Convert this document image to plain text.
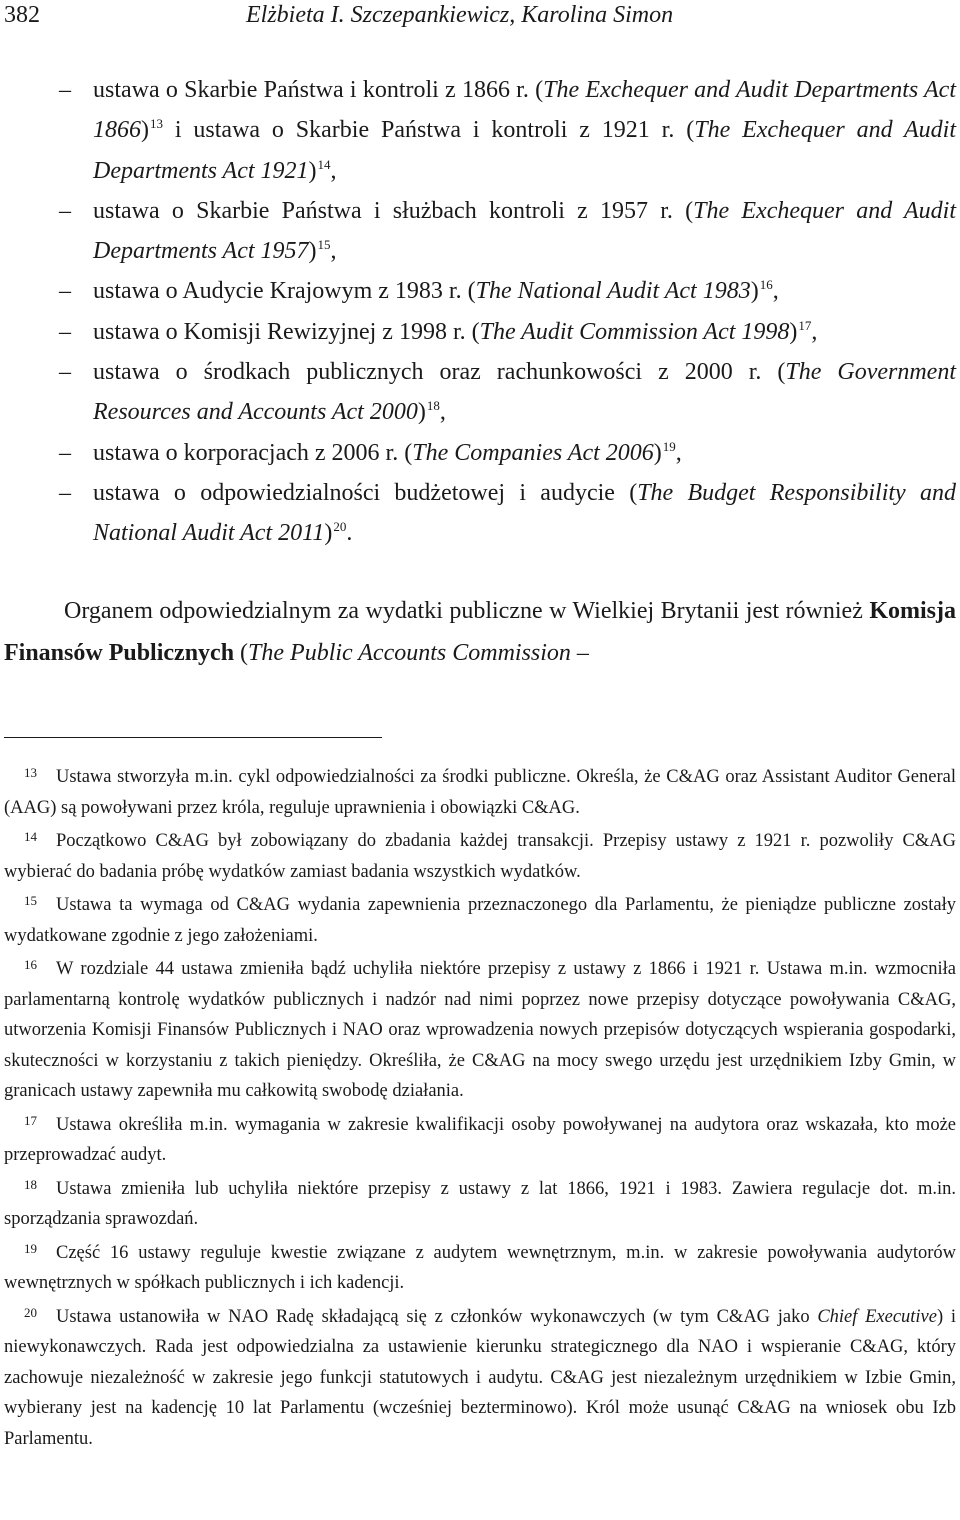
382	Elżbieta I. Szczepankiewicz, Karolina Simon
–
ustawa o Skarbie Państwa i kontroli z 1866 r. (The Exchequer and Audit Departments Act 1866)$^{13}$ i ustawa o Skarbie Państwa i kontroli z 1921 r. (The Exchequer and Audit Departments Act 1921)$^{14}$,
–
ustawa o Skarbie Państwa i służbach kontroli z 1957 r. (The Exchequer and Audit Departments Act 1957)$^{15}$,
–
ustawa o Audycie Krajowym z 1983 r. (The National Audit Act 1983)$^{16}$,
–
ustawa o Komisji Rewizyjnej z 1998 r. (The Audit Commission Act 1998)$^{17}$,
–
ustawa o środkach publicznych oraz rachunkowości z 2000 r. (The Government Resources and Accounts Act 2000)$^{18}$,
–
ustawa o korporacjach z 2006 r. (The Companies Act 2006)$^{19}$,
–
ustawa o odpowiedzialności budżetowej i audycie (The Budget Responsibility and National Audit Act 2011)$^{20}$.

Organem odpowiedzialnym za wydatki publiczne w Wielkiej Brytanii jest również Komisja Finansów Publicznych (The Public Accounts Commission –

13 Ustawa stworzyła m.in. cykl odpowiedzialności za środki publiczne. Określa, że C&AG oraz Assistant Auditor General (AAG) są powoływani przez króla, reguluje uprawnienia i obowiązki C&AG.
14 Początkowo C&AG był zobowiązany do zbadania każdej transakcji. Przepisy ustawy z 1921 r. pozwoliły C&AG wybierać do badania próbę wydatków zamiast badania wszystkich wydatków.
15 Ustawa ta wymaga od C&AG wydania zapewnienia przeznaczonego dla Parlamentu, że pieniądze publiczne zostały wydatkowane zgodnie z jego założeniami.
16 W rozdziale 44 ustawa zmieniła bądź uchyliła niektóre przepisy z ustawy z 1866 i 1921 r. Ustawa m.in. wzmocniła parlamentarną kontrolę wydatków publicznych i nadzór nad nimi poprzez nowe przepisy dotyczące powoływania C&AG, utworzenia Komisji Finansów Publicznych i NAO oraz wprowadzenia nowych przepisów dotyczących wspierania gospodarki, skuteczności w korzystaniu z takich pieniędzy. Określiła, że C&AG na mocy swego urzędu jest urzędnikiem Izby Gmin, w granicach ustawy zapewniła mu całkowitą swobodę działania.
17 Ustawa określiła m.in. wymagania w zakresie kwalifikacji osoby powoływanej na audytora oraz wskazała, kto może przeprowadzać audyt.
18 Ustawa zmieniła lub uchyliła niektóre przepisy z ustawy z lat 1866, 1921 i 1983. Zawiera regulacje dot. m.in. sporządzania sprawozdań.
19 Część 16 ustawy reguluje kwestie związane z audytem wewnętrznym, m.in. w zakresie powoływania audytorów wewnętrznych w spółkach publicznych i ich kadencji.
20 Ustawa ustanowiła w NAO Radę składającą się z członków wykonawczych (w tym C&AG jako Chief Executive) i niewykonawczych. Rada jest odpowiedzialna za ustawienie kierunku strategicznego dla NAO i wspieranie C&AG, który zachowuje niezależność w zakresie jego funkcji statutowych i audytu. C&AG jest niezależnym urzędnikiem w Izbie Gmin, wybierany jest na kadencję 10 lat Parlamentu (wcześniej bezterminowo). Król może usunąć C&AG na wniosek obu Izb Parlamentu.
